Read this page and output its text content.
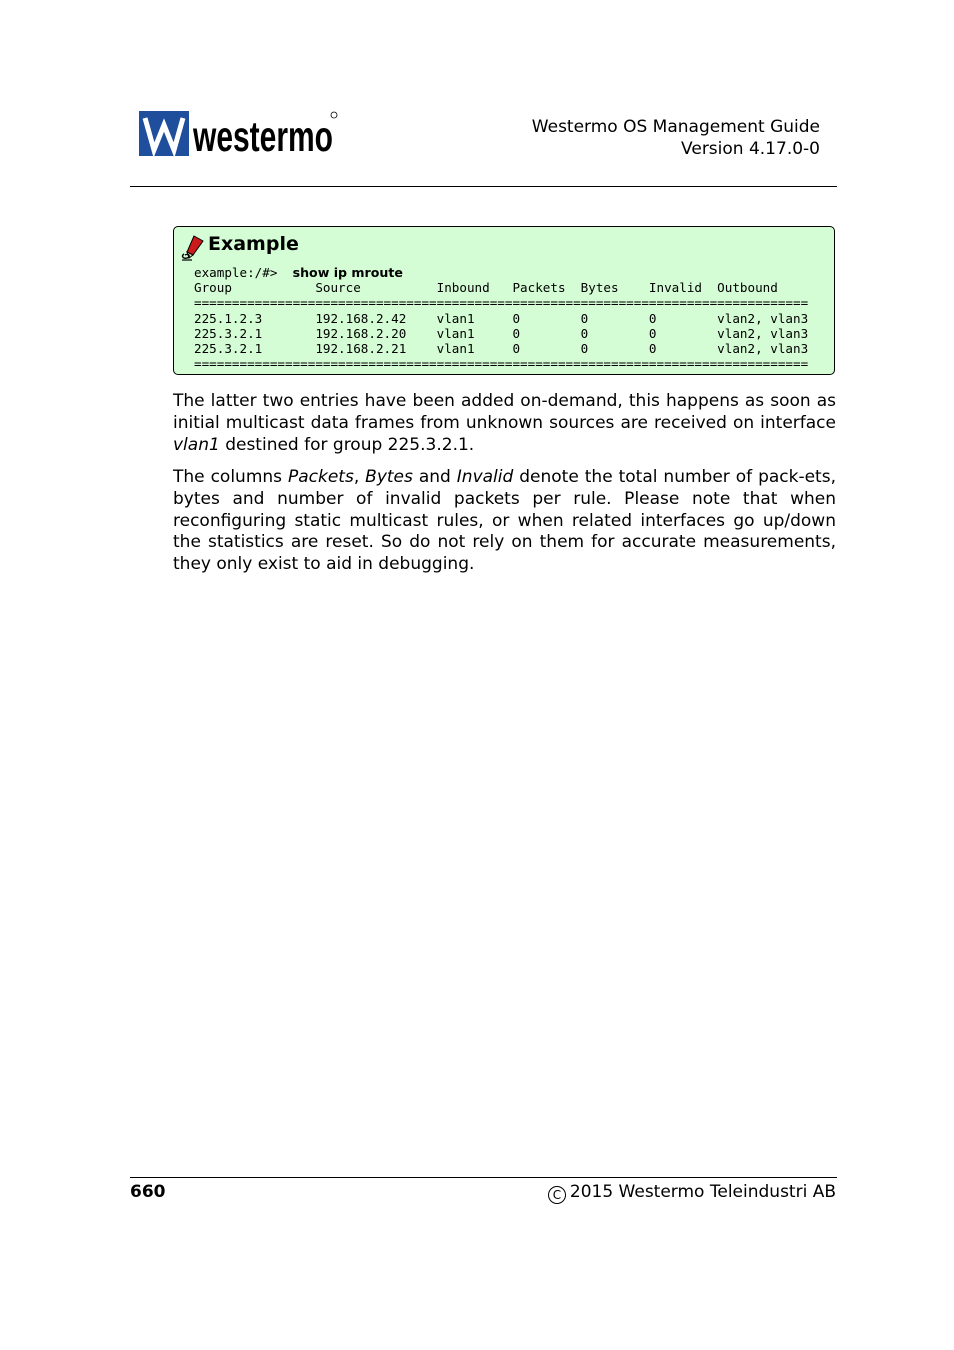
westermo	Westermo OS Management Guide
Version 4.17.0-0
Example
example:/#> show ip mroute
Group           Source          Inbound   Packets  Bytes    Invalid  Outbound
=================================================================================
225.1.2.3       192.168.2.42    vlan1     0        0        0        vlan2, vlan3
225.3.2.1       192.168.2.20    vlan1     0        0        0        vlan2, vlan3
225.3.2.1       192.168.2.21    vlan1     0        0        0        vlan2, vlan3
=================================================================================

The latter two entries have been added on-demand, this happens as soon as initial multicast data frames from unknown sources are received on interface vlan1 destined for group 225.3.2.1.

The columns Packets, Bytes and Invalid denote the total number of pack-ets, bytes and number of invalid packets per rule. Please note that when reconfiguring static multicast rules, or when related interfaces go up/down the statistics are reset. So do not rely on them for accurate measurements, they only exist to aid in debugging.

660	C 2015 Westermo Teleindustri AB
